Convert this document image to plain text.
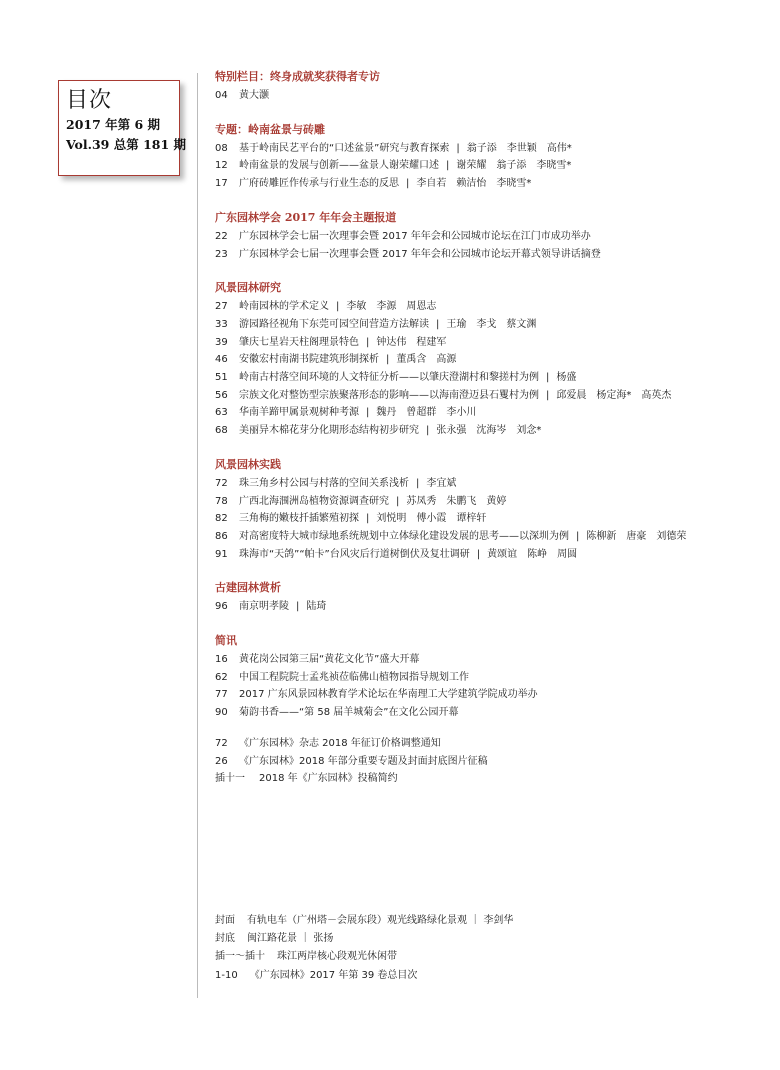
目次
2017 年第 6 期
Vol.39 总第 181 期
特别栏目：终身成就奖获得者专访
04 黄大灏
专题：岭南盆景与砖雕
08 基于岭南民艺平台的“口述盆景”研究与教育探索 | 翁子添　李世颖　高伟*
12 岭南盆景的发展与创新——盆景人谢荣耀口述 | 谢荣耀　翁子添　李晓雪*
17 广府砖雕匠作传承与行业生态的反思 | 李自若　赖洁怡　李晓雪*
广东园林学会 2017 年年会主题报道
22 广东园林学会七届一次理事会暨 2017 年年会和公园城市论坛在江门市成功举办
23 广东园林学会七届一次理事会暨 2017 年年会和公园城市论坛开幕式领导讲话摘登
风景园林研究
27 岭南园林的学术定义 | 李敏　李源　周恩志
33 游园路径视角下东莞可园空间营造方法解读 | 王瑜　李戈　蔡文渊
39 肇庆七星岩天柱阁理景特色 | 钟达伟　程建军
46 安徽宏村南湖书院建筑形制探析 | 董禹含　高源
51 岭南古村落空间环境的人文特征分析——以肇庆澄湖村和黎搓村为例 | 杨盛
56 宗族文化对整饬型宗族聚落形态的影响——以海南澄迈县石矍村为例 | 邱爱晨　杨定海*　高英杰
63 华南羊蹄甲属景观树种考源 | 魏丹　曾超群　李小川
68 美丽异木棉花芽分化期形态结构初步研究 | 张永强　沈海岑　刘念*
风景园林实践
72 珠三角乡村公园与村落的空间关系浅析 | 李宜斌
78 广西北海涠洲岛植物资源调查研究 | 苏凤秀　朱鹏飞　黄婷
82 三角梅的嫩枝扦插繁殖初探 | 刘悦明　傅小霞　谭梓轩
86 对高密度特大城市绿地系统规划中立体绿化建设发展的思考——以深圳为例 | 陈柳新　唐豪　刘德荣
91 珠海市“天鸽”“帕卡”台风灾后行道树倒伏及复壮调研 | 黄颂谊　陈峥　周圆
古建园林赏析
96 南京明孝陵 | 陆琦
简讯
16 黄花岗公园第三届“黄花文化节”盛大开幕
62 中国工程院院士孟兆祯莅临佛山植物园指导规划工作
77 2017 广东风景园林教育学术论坛在华南理工大学建筑学院成功举办
90 菊韵书香——“第 58 届羊城菊会”在文化公园开幕
72 《广东园林》杂志 2018 年征订价格调整通知
26 《广东园林》2018 年部分重要专题及封面封底图片征稿
插十一 2018 年《广东园林》投稿简约
封面 有轨电车（广州塔－会展东段）观光线路绿化景观 ｜ 李剑华
封底 闽江路花景 ｜ 张扬
插一～插十 珠江两岸核心段观光休闲带
1-10 《广东园林》2017 年第 39 卷总目次
